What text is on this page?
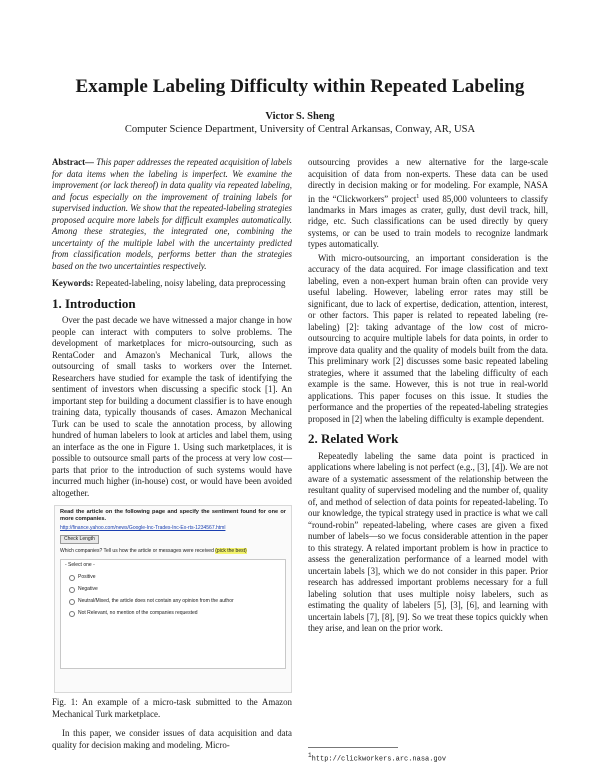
Example Labeling Difficulty within Repeated Labeling
Victor S. Sheng
Computer Science Department, University of Central Arkansas, Conway, AR, USA

Abstract— This paper addresses the repeated acquisition of labels for data items when the labeling is imperfect. We examine the improvement (or lack thereof) in data quality via repeated labeling, and focus especially on the improvement of training labels for supervised induction. We show that the repeated-labeling strategies proposed acquire more labels for difficult examples automatically. Among these strategies, the integrated one, combining the uncertainty of the multiple label with the uncertainty predicted from classification models, performs better than the strategies based on the two uncertainties respectively.

Keywords: Repeated-labeling, noisy labeling, data preprocessing

1. Introduction

Over the past decade we have witnessed a major change in how people can interact with computers to solve problems. The development of marketplaces for micro-outsourcing, such as RentaCoder and Amazon's Mechanical Turk, allows the outsourcing of small tasks to workers over the Internet. Researchers have studied for example the task of identifying the sentiment of investors when discussing a specific stock [1]. An important step for building a document classifier is to have enough training data, typically thousands of cases. Amazon Mechanical Turk can be used to scale the annotation process, by allowing hundred of human labelers to look at articles and label them, using an interface as the one in Figure 1. Using such marketplaces, it is possible to outsource small parts of the process at very low cost—parts that prior to the introduction of such systems would have incurred much higher (in-house) cost, or would have been avoided altogether.

Read the article on the following page and specify the sentiment found for one or more companies.
http://finance.yahoo.com/news/Google-Inc-Trades-Inc-Ex-rts-1234567.html
Check Length
Which companies? Tell us how the article or messages were received (pick the best)
- Select one -
Positive
Negative
Neutral/Mixed, the article does not contain any opinion from the author
Not Relevant, no mention of the companies requested

Fig. 1: An example of a micro-task submitted to the Amazon Mechanical Turk marketplace.

In this paper, we consider issues of data acquisition and data quality for decision making and modeling. Micro-

outsourcing provides a new alternative for the large-scale acquisition of data from non-experts. These data can be used directly in decision making or for modeling. For example, NASA in the “Clickworkers” project$^1$ used 85,000 volunteers to classify landmarks in Mars images as crater, gully, dust devil track, hill, ridge, etc. Such classifications can be used directly by query systems, or can be used to train models to recognize landmark types automatically.

With micro-outsourcing, an important consideration is the accuracy of the data acquired. For image classification and text labeling, even a non-expert human brain often can provide very useful labeling. However, labeling error rates may still be significant, due to lack of expertise, dedication, attention, interest, or other factors. This paper is related to repeated labeling (re-labeling) [2]: taking advantage of the low cost of micro-outsourcing to acquire multiple labels for data points, in order to improve data quality and the quality of models built from the data. This preliminary work [2] discusses some basic repeated labeling strategies, where it assumed that the labeling difficulty of each example is the same. However, this is not true in real-world applications. This paper focuses on this issue. It studies the performance and the properties of the repeated-labeling strategies proposed in [2] when the labeling difficulty is example dependent.

2. Related Work

Repeatedly labeling the same data point is practiced in applications where labeling is not perfect (e.g., [3], [4]). We are not aware of a systematic assessment of the relationship between the resultant quality of supervised modeling and the number of, quality of, and method of selection of data points for repeated-labeling. To our knowledge, the typical strategy used in practice is what we call “round-robin” repeated-labeling, where cases are given a fixed number of labels—so we focus considerable attention in the paper to this strategy. A related important problem is how in practice to assess the generalization performance of a learned model with uncertain labels [3], which we do not consider in this paper. Prior research has addressed important problems necessary for a full labeling solution that uses multiple noisy labelers, such as estimating the quality of labelers [5], [3], [6], and learning with uncertain labels [7], [8], [9]. So we treat these topics quickly when they arise, and lean on the prior work.

1http://clickworkers.arc.nasa.gov
